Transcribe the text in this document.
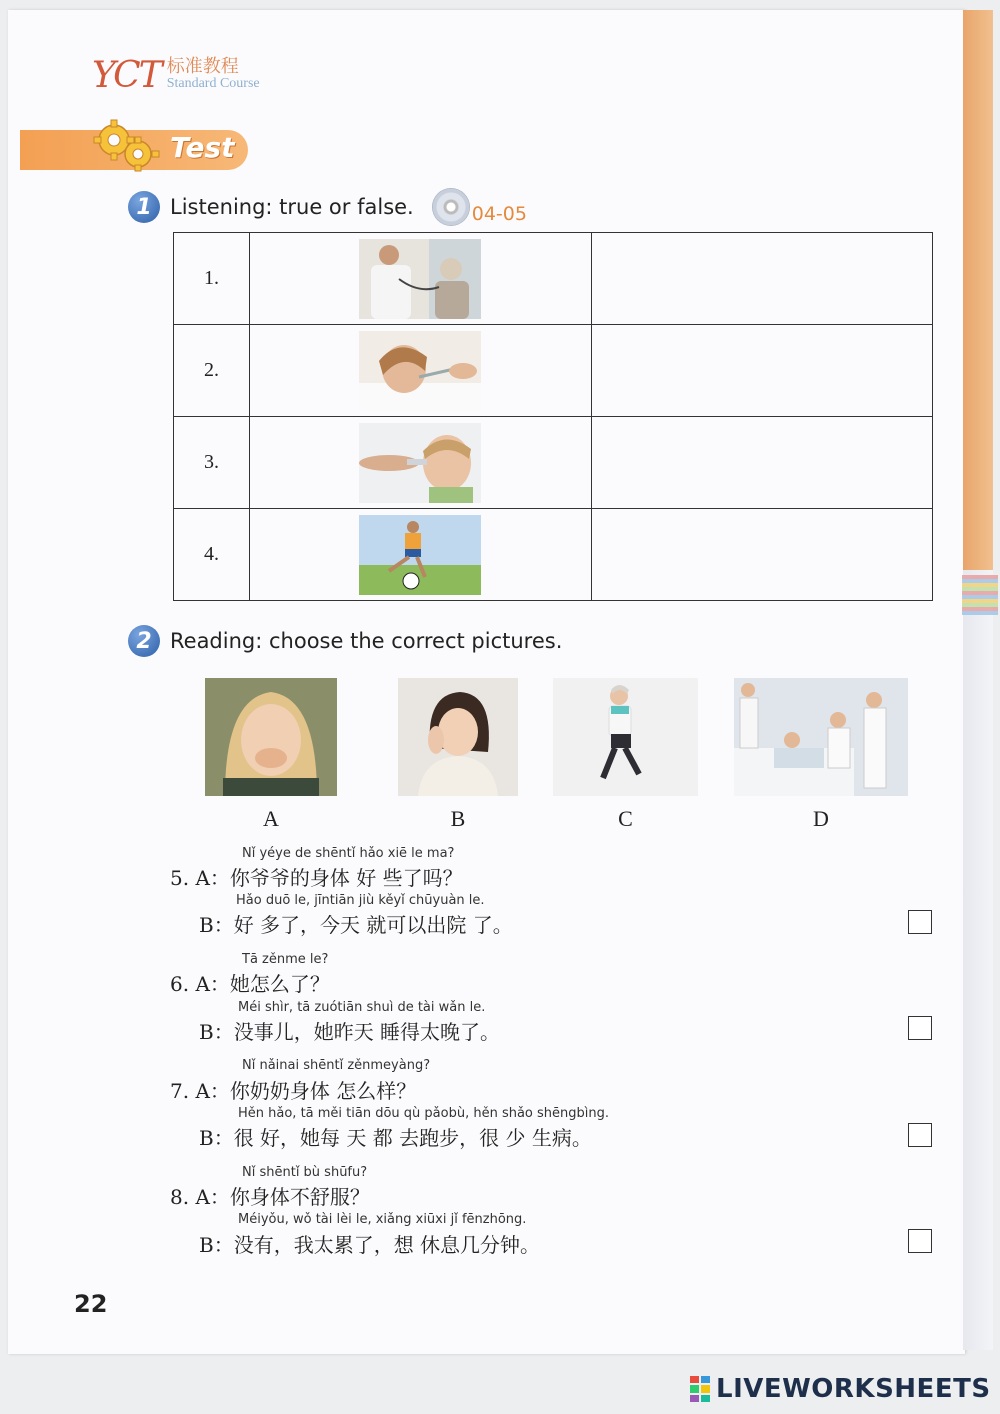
YCT 标准教程
Standard Course
Test
1 Listening: true or false.	04-05
1.		
2.		
3.		
4.		
2 Reading: choose the correct pictures.
A	B	C	D
Nǐ yéye de shēntǐ hǎo xiē le ma?
5. A：你爷爷的身体 好 些了吗？
Hǎo duō le, jīntiān jiù kěyǐ chūyuàn le.
B：好 多了，今天 就可以出院 了。
Tā zěnme le?
6. A：她怎么了？
Méi shìr, tā zuótiān shuì de tài wǎn le.
B：没事儿，她昨天 睡得太晚了。
Nǐ nǎinai shēntǐ zěnmeyàng?
7. A：你奶奶身体 怎么样？
Hěn hǎo, tā měi tiān dōu qù pǎobù, hěn shǎo shēngbìng.
B：很 好，她每 天 都 去跑步，很 少 生病。
Nǐ shēntǐ bù shūfu?
8. A：你身体不舒服？
Méiyǒu, wǒ tài lèi le, xiǎng xiūxi jǐ fēnzhōng.
B：没有，我太累了，想 休息几分钟。
22
LIVEWORKSHEETS
